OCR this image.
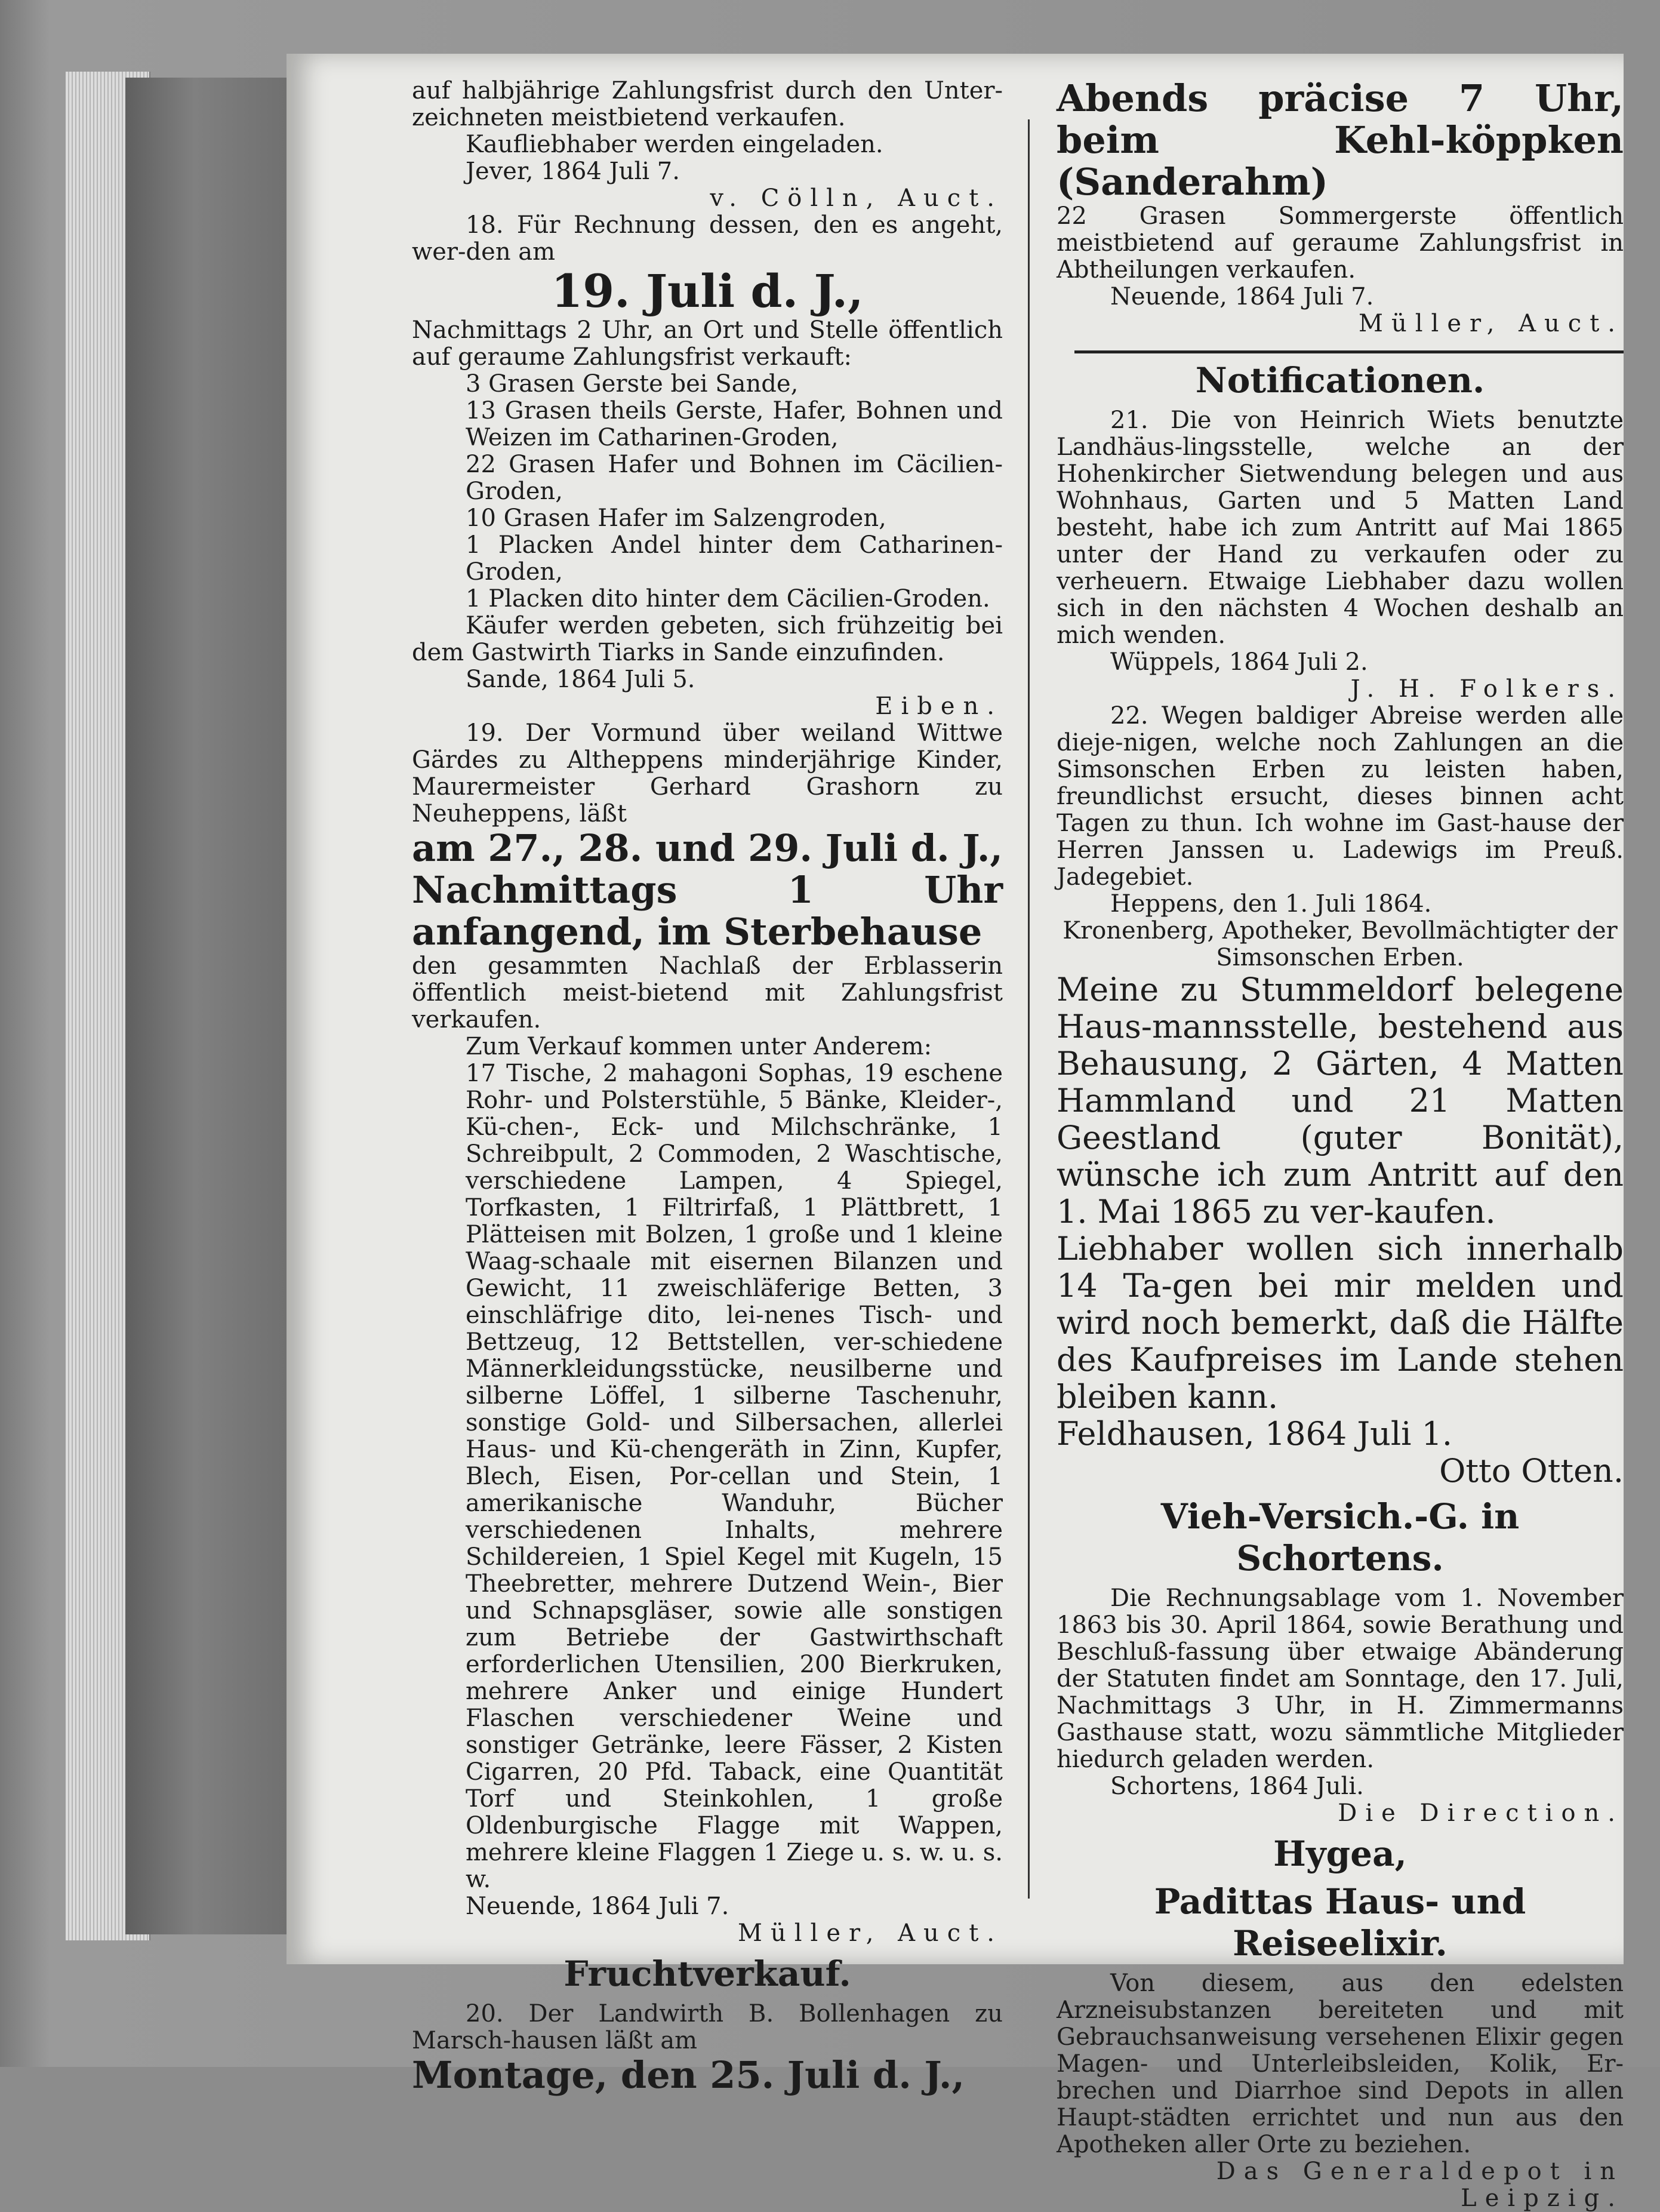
auf halbjährige Zahlungsfrist durch den Unter-zeichneten meistbietend verkaufen.

Kaufliebhaber werden eingeladen.

Jever, 1864 Juli 7.

v. Cölln, Auct.

18. Für Rechnung dessen, den es angeht, wer-den am

19. Juli d. J.,

Nachmittags 2 Uhr, an Ort und Stelle öffentlich auf geraume Zahlungsfrist verkauft:

3 Grasen Gerste bei Sande,

13 Grasen theils Gerste, Hafer, Bohnen und Weizen im Catharinen-Groden,

22 Grasen Hafer und Bohnen im Cäcilien-Groden,

10 Grasen Hafer im Salzengroden,

1 Placken Andel hinter dem Catharinen-Groden,

1 Placken dito hinter dem Cäcilien-Groden.

Käufer werden gebeten, sich frühzeitig bei dem Gastwirth Tiarks in Sande einzufinden.

Sande, 1864 Juli 5.

Eiben.

19. Der Vormund über weiland Wittwe Gärdes zu Altheppens minderjährige Kinder, Maurermeister Gerhard Grashorn zu Neuheppens, läßt

am 27., 28. und 29. Juli d. J., Nachmittags 1 Uhr anfangend, im Sterbehause

den gesammten Nachlaß der Erblasserin öffentlich meist-bietend mit Zahlungsfrist verkaufen.

Zum Verkauf kommen unter Anderem:

17 Tische, 2 mahagoni Sophas, 19 eschene Rohr- und Polsterstühle, 5 Bänke, Kleider-, Kü-chen-, Eck- und Milchschränke, 1 Schreibpult, 2 Commoden, 2 Waschtische, verschiedene Lampen, 4 Spiegel, Torfkasten, 1 Filtrirfaß, 1 Plättbrett, 1 Plätteisen mit Bolzen, 1 große und 1 kleine Waag-schaale mit eisernen Bilanzen und Gewicht, 11 zweischläferige Betten, 3 einschläfrige dito, lei-nenes Tisch- und Bettzeug, 12 Bettstellen, ver-schiedene Männerkleidungsstücke, neusilberne und silberne Löffel, 1 silberne Taschenuhr, sonstige Gold- und Silbersachen, allerlei Haus- und Kü-chengeräth in Zinn, Kupfer, Blech, Eisen, Por-cellan und Stein, 1 amerikanische Wanduhr, Bücher verschiedenen Inhalts, mehrere Schildereien, 1 Spiel Kegel mit Kugeln, 15 Theebretter, mehrere Dutzend Wein-, Bier und Schnapsgläser, sowie alle sonstigen zum Betriebe der Gastwirthschaft erforderlichen Utensilien, 200 Bierkruken, mehrere Anker und einige Hundert Flaschen verschiedener Weine und sonstiger Getränke, leere Fässer, 2 Kisten Cigarren, 20 Pfd. Taback, eine Quantität Torf und Steinkohlen, 1 große Oldenburgische Flagge mit Wappen, mehrere kleine Flaggen 1 Ziege u. s. w. u. s. w.

Neuende, 1864 Juli 7.

Müller, Auct.

Fruchtverkauf.

20. Der Landwirth B. Bollenhagen zu Marsch-hausen läßt am

Montage, den 25. Juli d. J.,

Abends präcise 7 Uhr, beim Kehl-köppken (Sanderahm)

22 Grasen Sommergerste öffentlich meistbietend auf geraume Zahlungsfrist in Abtheilungen verkaufen.

Neuende, 1864 Juli 7.

Müller, Auct.

Notificationen.

21. Die von Heinrich Wiets benutzte Landhäus-lingsstelle, welche an der Hohenkircher Sietwendung belegen und aus Wohnhaus, Garten und 5 Matten Land besteht, habe ich zum Antritt auf Mai 1865 unter der Hand zu verkaufen oder zu verheuern. Etwaige Liebhaber dazu wollen sich in den nächsten 4 Wochen deshalb an mich wenden.

Wüppels, 1864 Juli 2.

J. H. Folkers.

22. Wegen baldiger Abreise werden alle dieje-nigen, welche noch Zahlungen an die Simsonschen Erben zu leisten haben, freundlichst ersucht, dieses binnen acht Tagen zu thun. Ich wohne im Gast-hause der Herren Janssen u. Ladewigs im Preuß. Jadegebiet.

Heppens, den 1. Juli 1864.

Kronenberg, Apotheker, Bevollmächtigter der Simsonschen Erben.

Meine zu Stummeldorf belegene Haus-mannsstelle, bestehend aus Behausung, 2 Gärten, 4 Matten Hammland und 21 Matten Geestland (guter Bonität), wünsche ich zum Antritt auf den 1. Mai 1865 zu ver-kaufen.

Liebhaber wollen sich innerhalb 14 Ta-gen bei mir melden und wird noch bemerkt, daß die Hälfte des Kaufpreises im Lande stehen bleiben kann.

Feldhausen, 1864 Juli 1.

Otto Otten.

Vieh-Versich.-G. in Schortens.

Die Rechnungsablage vom 1. November 1863 bis 30. April 1864, sowie Berathung und Beschluß-fassung über etwaige Abänderung der Statuten findet am Sonntage, den 17. Juli, Nachmittags 3 Uhr, in H. Zimmermanns Gasthause statt, wozu sämmtliche Mitglieder hiedurch geladen werden.

Schortens, 1864 Juli.

Die Direction.

Hygea,

Padittas Haus- und Reiseelixir.

Von diesem, aus den edelsten Arzneisubstanzen bereiteten und mit Gebrauchsanweisung versehenen Elixir gegen Magen- und Unterleibsleiden, Kolik, Er-brechen und Diarrhoe sind Depots in allen Haupt-städten errichtet und nun aus den Apotheken aller Orte zu beziehen.

Das Generaldepot in Leipzig.
